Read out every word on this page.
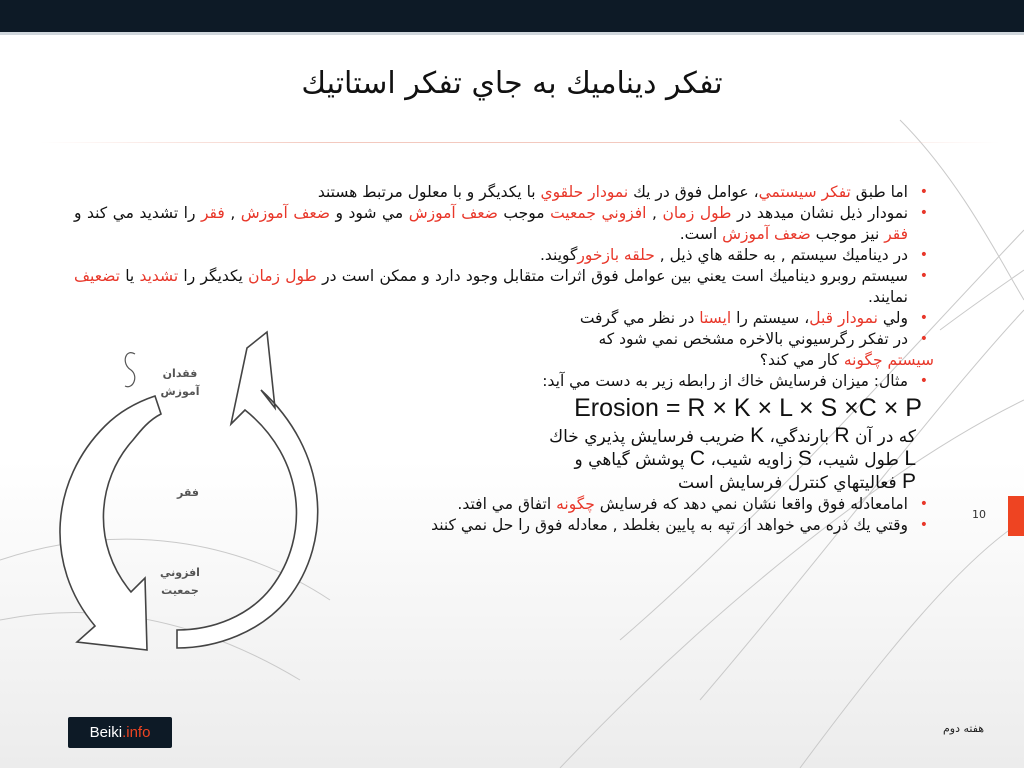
تفكر ديناميك به جاي تفكر استاتيك
فقدان
آموزش
فقر
افزوني
جمعيت

• اما طبق تفكر سيستمي، عوامل فوق در يك نمودار حلقوي با يكديگر و با معلول مرتبط هستند

• نمودار ذيل نشان ميدهد در طول زمان , افزوني جمعيت موجب ضعف آموزش مي شود و ضعف آموزش , فقر را تشديد مي كند و فقر نيز موجب ضعف آموزش است.

• در ديناميك سيستم , به حلقه هاي ذيل , حلقه بازخورگويند.

• سيستم روبرو ديناميك است يعني بين عوامل فوق اثرات متقابل وجود دارد و ممكن است در طول زمان يكديگر را تشديد يا تضعيف نمايند.

• ولي نمودار قبل، سيستم را ايستا در نظر مي گرفت

• در تفكر رگرسيوني بالاخره مشخص نمي شود كه

سيستم چگونه كار مي كند؟

• مثال: ميزان فرسايش خاك از رابطه زير به دست مي آيد:

Erosion = R × K × L × S ×C × P
كه در آن R بارندگي، K ضريب فرسايش پذيري خاك
L طول شيب، S زاويه شيب، C پوشش گياهي و
P فعاليتهاي كنترل فرسايش است

• امامعادله فوق واقعا نشان نمي دهد كه فرسايش چگونه اتفاق مي افتد.

• وقتي يك ذره مي خواهد از تپه به پايين بغلطد , معادله فوق را حل نمي كنند

10
هفته دوم
Beiki.info
